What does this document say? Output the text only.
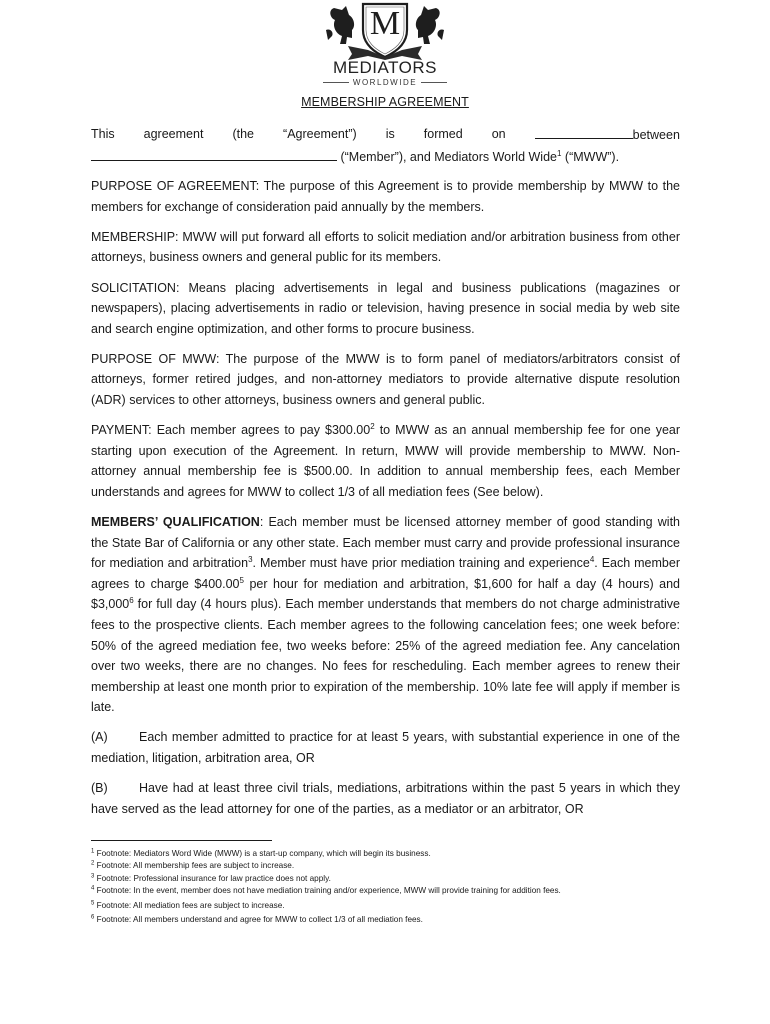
M
MEDIATORS
WORLDWIDE
MEMBERSHIP AGREEMENT
This agreement (the “Agreement”) is formed on	between
(“Member”), and Mediators World Wide$^1$ (“MWW”).

PURPOSE OF AGREEMENT: The purpose of this Agreement is to provide membership by MWW to the members for exchange of consideration paid annually by the members.

MEMBERSHIP: MWW will put forward all efforts to solicit mediation and/or arbitration business from other attorneys, business owners and general public for its members.

SOLICITATION: Means placing advertisements in legal and business publications (magazines or newspapers), placing advertisements in radio or television, having presence in social media by web site and search engine optimization, and other forms to procure business.

PURPOSE OF MWW: The purpose of the MWW is to form panel of mediators/arbitrators consist of attorneys, former retired judges, and non-attorney mediators to provide alternative dispute resolution (ADR) services to other attorneys, business owners and general public.

PAYMENT: Each member agrees to pay $300.00$^2$ to MWW as an annual membership fee for one year starting upon execution of the Agreement. In return, MWW will provide membership to MWW. Non-attorney annual membership fee is $500.00. In addition to annual membership fees, each Member understands and agrees for MWW to collect 1/3 of all mediation fees (See below).

MEMBERS’ QUALIFICATION: Each member must be licensed attorney member of good standing with the State Bar of California or any other state. Each member must carry and provide professional insurance for mediation and arbitration$^3$. Member must have prior mediation training and experience$^4$. Each member agrees to charge $400.00$^5$ per hour for mediation and arbitration, $1,600 for half a day (4 hours) and $3,000$^6$ for full day (4 hours plus). Each member understands that members do not charge administrative fees to the prospective clients. Each member agrees to the following cancelation fees; one week before: 50% of the agreed mediation fee, two weeks before: 25% of the agreed mediation fee. Any cancelation over two weeks, there are no changes. No fees for rescheduling. Each member agrees to renew their membership at least one month prior to expiration of the membership. 10% late fee will apply if member is late.

(A)	Each member admitted to practice for at least 5 years, with substantial experience in one of the mediation, litigation, arbitration area, OR

(B)	Have had at least three civil trials, mediations, arbitrations within the past 5 years in which they have served as the lead attorney for one of the parties, as a mediator or an arbitrator, OR

$^1$ Footnote: Mediators Word Wide (MWW) is a start-up company, which will begin its business.

$^2$ Footnote: All membership fees are subject to increase.

$^3$ Footnote: Professional insurance for law practice does not apply.

$^4$ Footnote: In the event, member does not have mediation training and/or experience, MWW will provide training for addition fees.

$^5$ Footnote: All mediation fees are subject to increase.

$^6$ Footnote: All members understand and agree for MWW to collect 1/3 of all mediation fees.
